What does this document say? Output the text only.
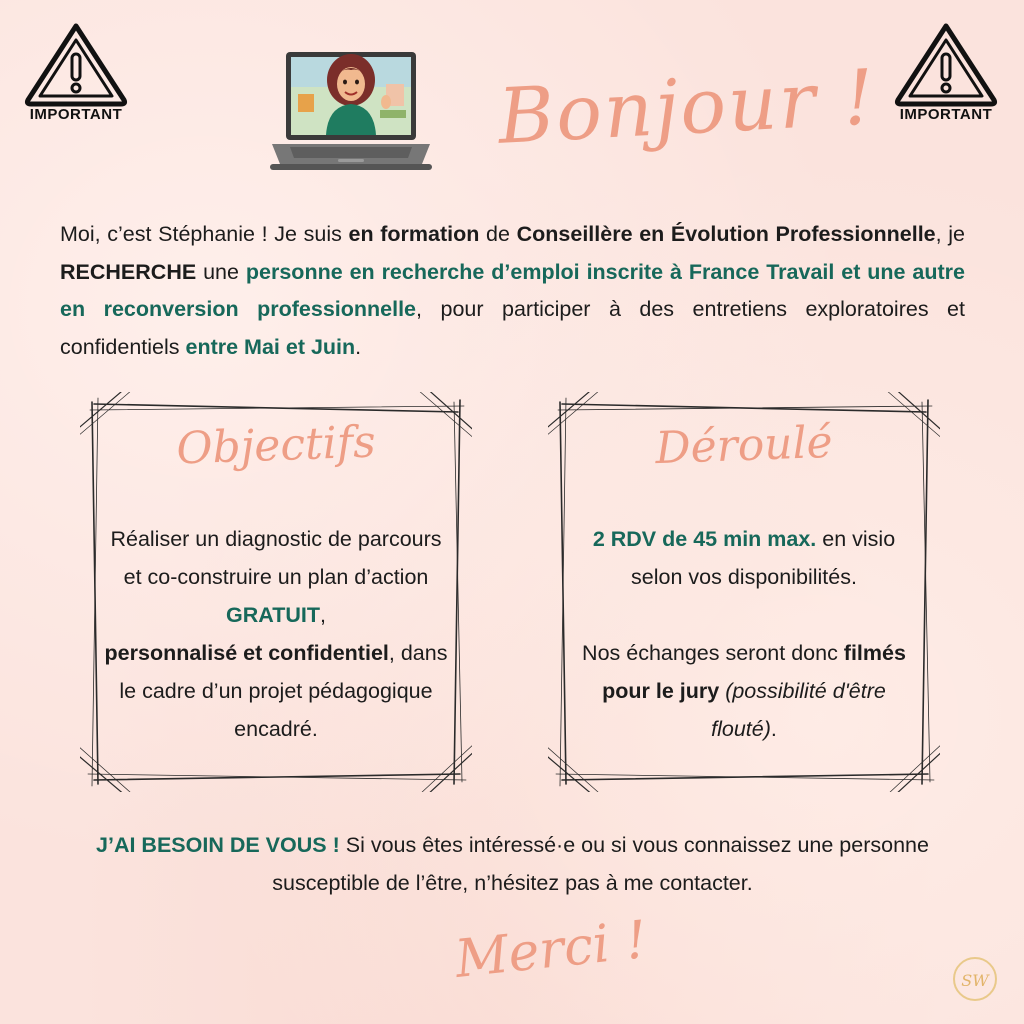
IMPORTANT	IMPORTANT
Bonjour !

Moi, c’est Stéphanie ! Je suis en formation de Conseillère en Évolution Professionnelle, je RECHERCHE une personne en recherche d’emploi inscrite à France Travail et une autre en reconversion professionnelle, pour participer à des entretiens exploratoires et confidentiels entre Mai et Juin.

Objectifs

Réaliser un diagnostic de parcours et co-construire un plan d’action GRATUIT,
personnalisé et confidentiel, dans le cadre d’un projet pédagogique encadré.

Déroulé

2 RDV de 45 min max. en visio selon vos disponibilités.

Nos échanges seront donc filmés pour le jury (possibilité d'être flouté).

J’AI BESOIN DE VOUS ! Si vous êtes intéressé·e ou si vous connaissez une personne susceptible de l’être, n’hésitez pas à me contacter.

Merci !	SW
